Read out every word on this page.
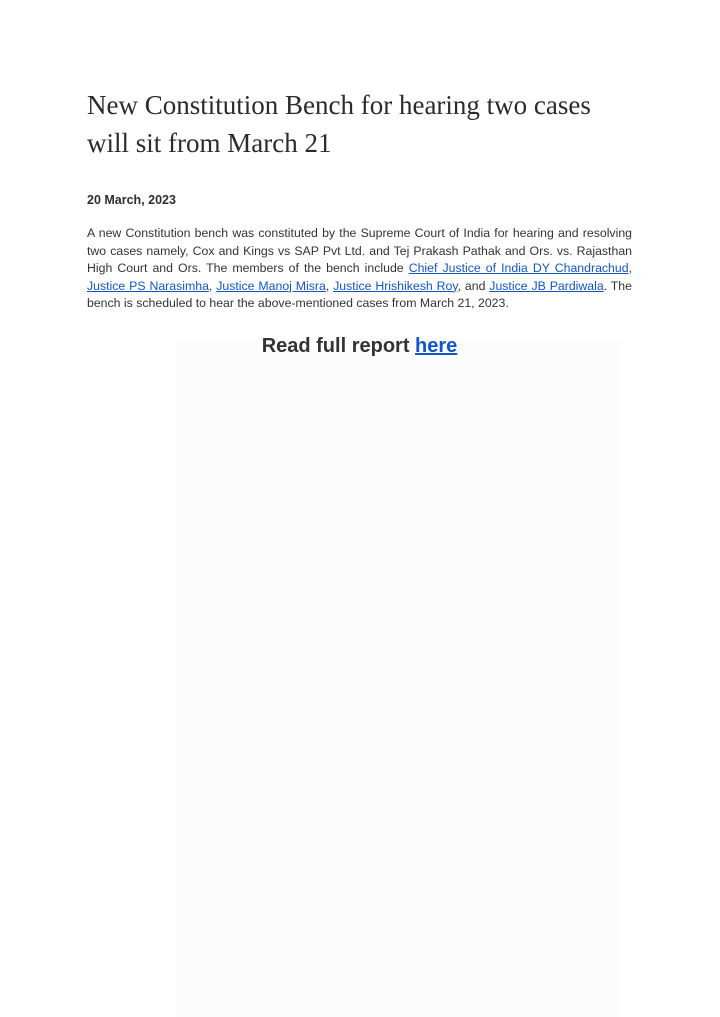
New Constitution Bench for hearing two cases
will sit from March 21
20 March, 2023

A new Constitution bench was constituted by the Supreme Court of India for hearing and resolving two cases namely, Cox and Kings vs SAP Pvt Ltd. and Tej Prakash Pathak and Ors. vs. Rajasthan High Court and Ors. The members of the bench include Chief Justice of India DY Chandrachud, Justice PS Narasimha, Justice Manoj Misra, Justice Hrishikesh Roy, and Justice JB Pardiwala. The bench is scheduled to hear the above-mentioned cases from March 21, 2023.

Read full report here
